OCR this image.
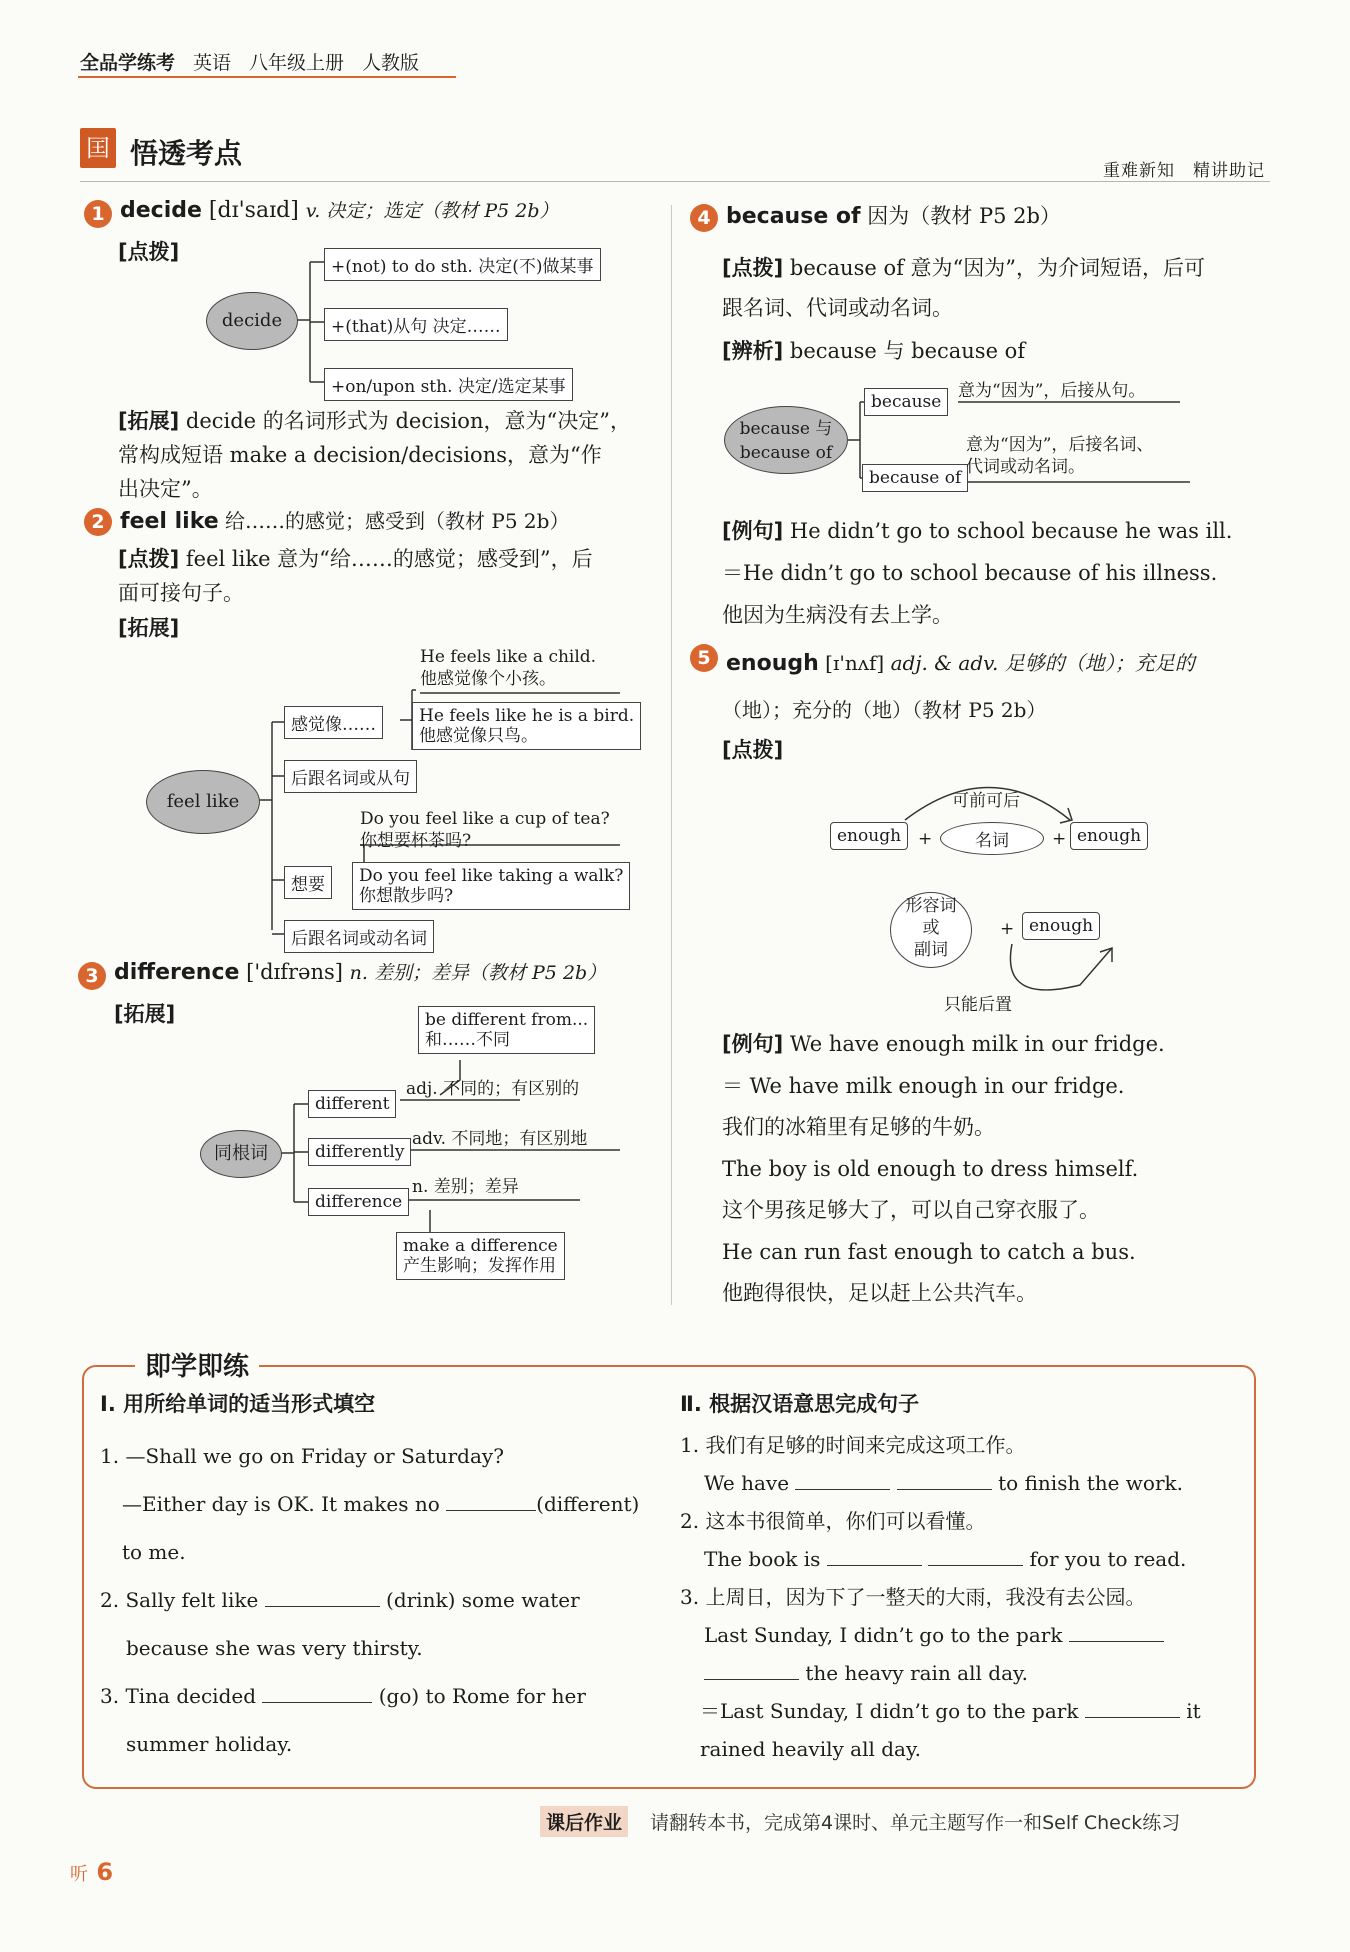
全品学练考 英语 八年级上册 人教版
囯 悟透考点
重难新知　精讲助记
1 decide [dɪ'saɪd] v. 决定；选定（教材 P5 2b）
[点拨]
decide
+(not) to do sth. 决定(不)做某事
+(that)从句 决定……
+on/upon sth. 决定/选定某事
[拓展] decide 的名词形式为 decision，意为“决定”，
常构成短语 make a decision/decisions，意为“作
出决定”。
2 feel like 给……的感觉；感受到（教材 P5 2b）
[点拨] feel like 意为“给……的感觉；感受到”，后
面可接句子。
[拓展]
feel like
感觉像……
后跟名词或从句
想要
后跟名词或动名词
He feels like a child.
他感觉像个小孩。
He feels like he is a bird.
他感觉像只鸟。
Do you feel like a cup of tea?
你想要杯茶吗?
Do you feel like taking a walk?
你想散步吗?
3 difference ['dɪfrəns] n. 差别；差异（教材 P5 2b）
[拓展]	be different from...
和……不同
同根词
different
adj. 不同的；有区别的
differently
adv. 不同地；有区别地
difference
n. 差别；差异
make a difference
产生影响；发挥作用
4 because of 因为（教材 P5 2b）
[点拨] because of 意为“因为”，为介词短语，后可
跟名词、代词或动名词。
[辨析] because 与 because of
because 与
because of
because
意为“因为”，后接从句。
because of
意为“因为”，后接名词、
代词或动名词。
[例句] He didn’t go to school because he was ill.
＝He didn’t go to school because of his illness.
他因为生病没有去上学。
5 enough [ɪ'nʌf] adj. & adv. 足够的（地）；充足的
（地）；充分的（地）（教材 P5 2b）
[点拨]
可前可后
enough +	名词	+ enough
形容词
或
副词
+ enough
只能后置
[例句] We have enough milk in our fridge.
＝ We have milk enough in our fridge.
我们的冰箱里有足够的牛奶。
The boy is old enough to dress himself.
这个男孩足够大了，可以自己穿衣服了。
He can run fast enough to catch a bus.
他跑得很快，足以赶上公共汽车。
即学即练
Ⅰ. 用所给单词的适当形式填空
1. —Shall we go on Friday or Saturday?
—Either day is OK. It makes no	(different)
to me.
2. Sally felt like	(drink) some water
because she was very thirsty.
3. Tina decided	(go) to Rome for her
summer holiday.
Ⅱ. 根据汉语意思完成句子
1. 我们有足够的时间来完成这项工作。
We have	to finish the work.
2. 这本书很简单，你们可以看懂。
The book is	for you to read.
3. 上周日，因为下了一整天的大雨，我没有去公园。
Last Sunday, I didn’t go to the park
the heavy rain all day.
＝Last Sunday, I didn’t go to the park	it
rained heavily all day.
课后作业	请翻转本书，完成第4课时、单元主题写作一和Self Check练习
听 6
